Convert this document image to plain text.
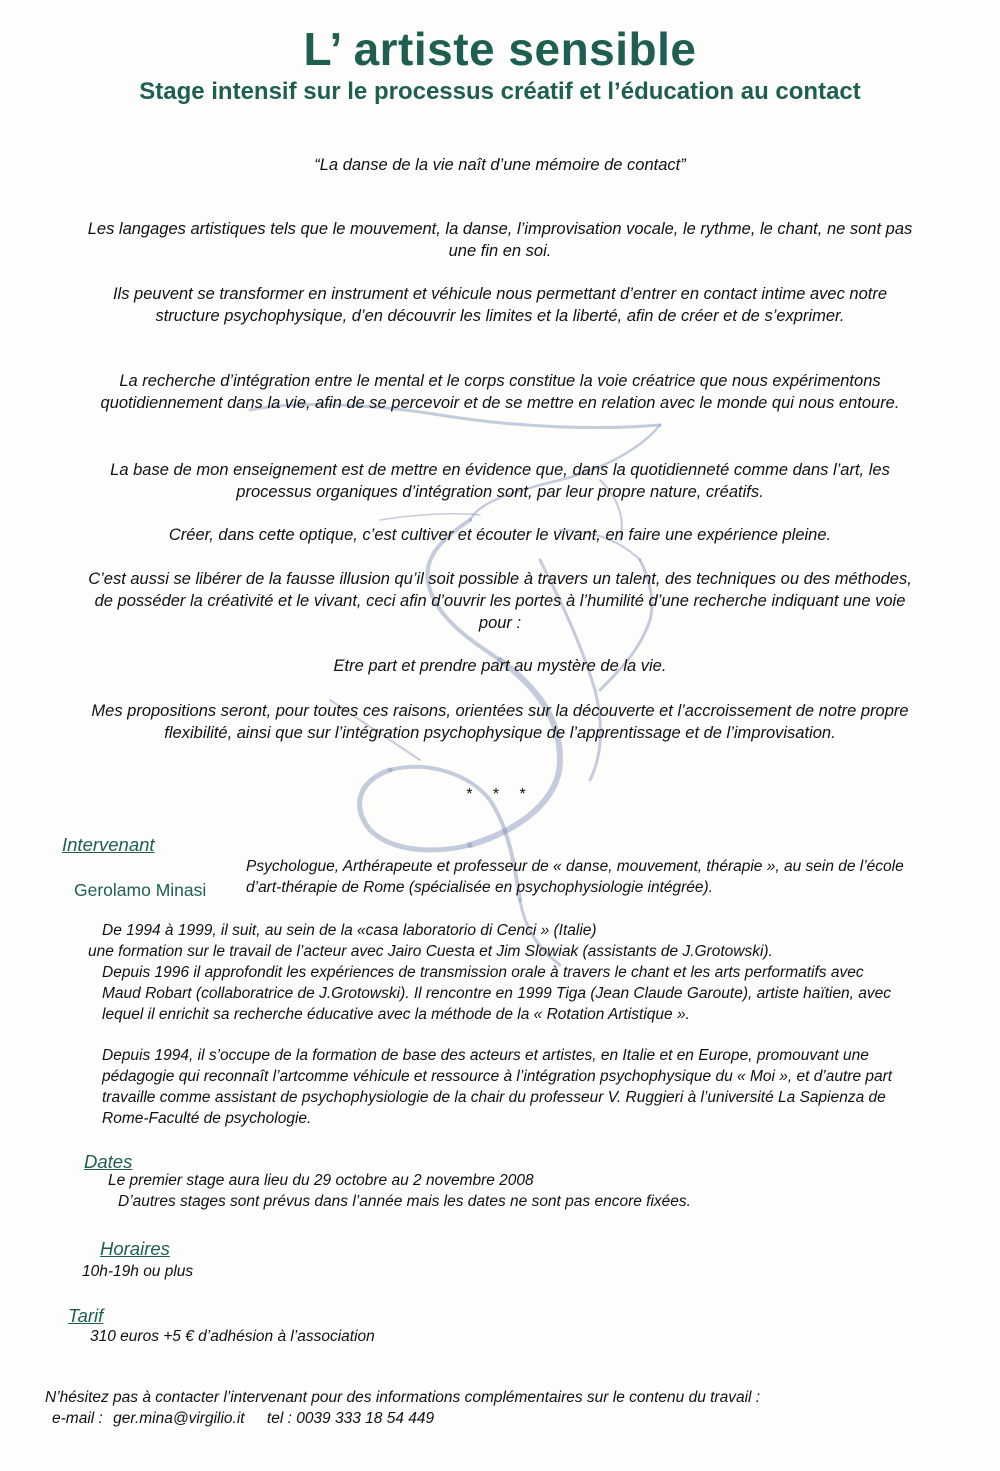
L’ artiste sensible
Stage intensif sur le processus créatif et l’éducation au contact
“La danse de la vie naît d’une mémoire de contact”
Les langages artistiques tels que le mouvement, la danse, l’improvisation vocale, le rythme, le chant, ne sont pas une fin en soi.
Ils peuvent se transformer en instrument et véhicule nous permettant d’entrer en contact intime avec notre structure psychophysique, d’en découvrir les limites et la liberté, afin de créer et de s’exprimer.
La recherche d’intégration entre le mental et le corps constitue la voie créatrice que nous expérimentons quotidiennement dans la vie, afin de se percevoir et de se mettre en relation avec le monde qui nous entoure.
La base de mon enseignement est de mettre en évidence que, dans la quotidienneté comme dans l’art, les processus organiques d’intégration sont, par leur propre nature, créatifs.
Créer, dans cette optique, c’est cultiver et écouter le vivant, en faire une expérience pleine.
C’est aussi se libérer de la fausse illusion qu’il soit possible à travers un talent, des techniques ou des méthodes, de posséder la créativité et le vivant, ceci afin d’ouvrir les portes à l’humilité d’une recherche indiquant une voie pour :
Etre part et prendre part au mystère de la vie.
Mes propositions seront, pour toutes ces raisons, orientées sur la découverte et l’accroissement de notre propre flexibilité, ainsi que sur l’intégration psychophysique de l’apprentissage et de l’improvisation.
* * *
Intervenant
Gerolamo Minasi
Psychologue, Arthérapeute et professeur de « danse, mouvement, thérapie », au sein de l’école d’art-thérapie de Rome (spécialisée en psychophysiologie intégrée).
De 1994 à 1999, il suit, au sein de la «casa laboratorio di Cenci » (Italie)
une formation sur le travail de l’acteur avec Jairo Cuesta et Jim Slowiak (assistants de J.Grotowski).
Depuis 1996 il approfondit les expériences de transmission orale à travers le chant et les arts performatifs avec Maud Robart (collaboratrice de J.Grotowski). Il rencontre en 1999 Tiga (Jean Claude Garoute), artiste haïtien, avec lequel il enrichit sa recherche éducative avec la méthode de la « Rotation Artistique ».
Depuis 1994, il s’occupe de la formation de base des acteurs et artistes, en Italie et en Europe, promouvant une pédagogie qui reconnaît l’artcomme véhicule et ressource à l’intégration psychophysique du « Moi », et d’autre part travaille comme assistant de psychophysiologie de la chair du professeur V. Ruggieri à l’université La Sapienza de Rome-Faculté de psychologie.
Dates
Le premier stage aura lieu du 29 octobre au 2 novembre 2008
D’autres stages sont prévus dans l’année mais les dates ne sont pas encore fixées.
Horaires
10h-19h ou plus
Tarif
310 euros +5 € d’adhésion à l’association
N’hésitez pas à contacter l’intervenant pour des informations complémentaires sur le contenu du travail :
e-mail : ger.mina@virgilio.it tel : 0039 333 18 54 449
